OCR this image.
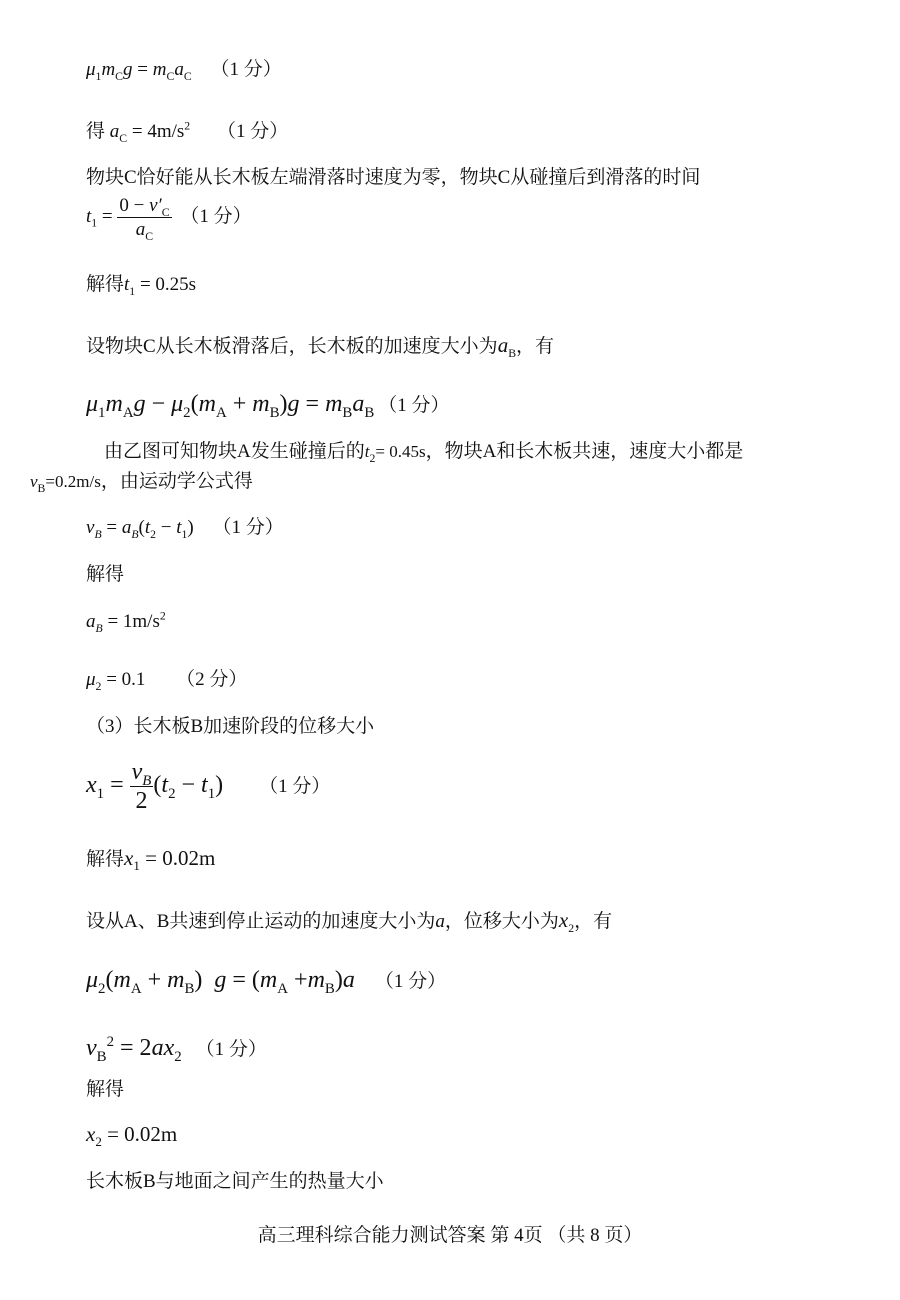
$\mu_1m_Cg = m_Ca_C$ （1 分）
得 $a_C = 4m/s^2$ （1 分）
物块C恰好能从长木板左端滑落时速度为零，物块C从碰撞后到滑落的时间
$t_1 = \frac{0 - v'_C}{a_C} (1$ 分）
解得$t_1 = 0.25s$
设物块C从长木板滑落后，长木板的加速度大小为$a_B$，有
$\mu_1m_Ag - \mu_2(m_A + m_B)g = m_Ba_B$ （1 分）
由乙图可知物块A发生碰撞后的$t_2= 0.45s$，物块A和长木板共速，速度大小都是
$v_B=0.2m/s$，由运动学公式得
$v_B = a_B(t_2 - t_1)$ （1 分）
解得
$a_B = 1m/s^2$
$\mu_2 = 0.1$ （2 分）
（3）长木板B加速阶段的位移大小
$x_1 = \frac{v_B}{2} (t_2 - t_1)$ （1 分）
解得$x_1 = 0.02m$
设从A、B共速到停止运动的加速度大小为a，位移大小为$x_2$，有
$\mu_2(m_A + m_B) g = (m_A +m_B)a$ （1 分）
$v_B^2 = 2ax_2$ （1 分）
解得
$x_2 = 0.02m$
长木板B与地面之间产生的热量大小
高三理科综合能力测试答案 第 4页 （共 8 页）
